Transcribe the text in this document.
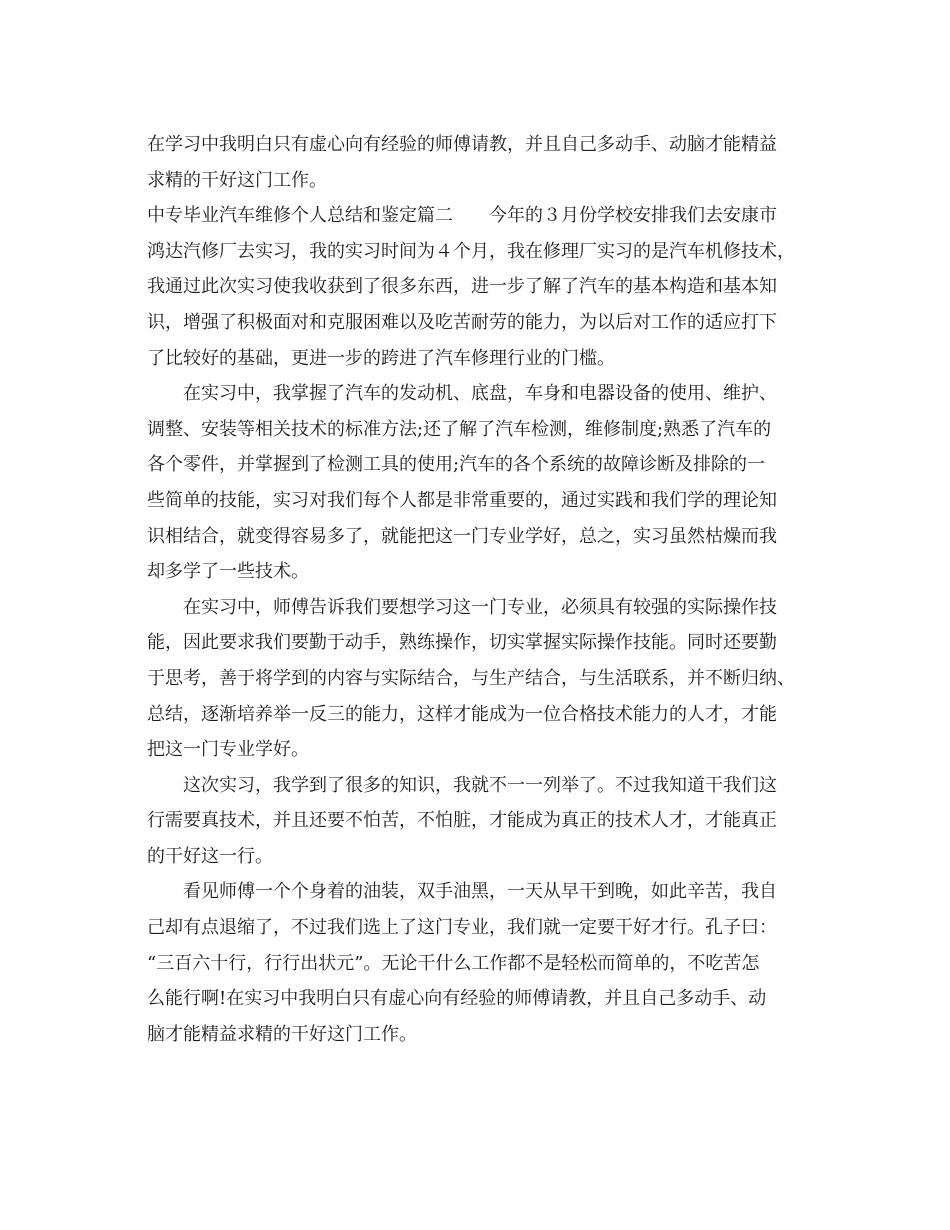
在学习中我明白只有虚心向有经验的师傅请教，并且自己多动手、动脑才能精益
求精的干好这门工作。
中专毕业汽车维修个人总结和鉴定篇二　　今年的３月份学校安排我们去安康市
鸿达汽修厂去实习，我的实习时间为４个月，我在修理厂实习的是汽车机修技术，
我通过此次实习使我收获到了很多东西，进一步了解了汽车的基本构造和基本知
识，增强了积极面对和克服困难以及吃苦耐劳的能力，为以后对工作的适应打下
了比较好的基础，更进一步的跨进了汽车修理行业的门槛。
在实习中，我掌握了汽车的发动机、底盘，车身和电器设备的使用、维护、
调整、安装等相关技术的标准方法;还了解了汽车检测，维修制度;熟悉了汽车的
各个零件，并掌握到了检测工具的使用;汽车的各个系统的故障诊断及排除的一
些简单的技能，实习对我们每个人都是非常重要的，通过实践和我们学的理论知
识相结合，就变得容易多了，就能把这一门专业学好，总之，实习虽然枯燥而我
却多学了一些技术。
在实习中，师傅告诉我们要想学习这一门专业，必须具有较强的实际操作技
能，因此要求我们要勤于动手，熟练操作，切实掌握实际操作技能。同时还要勤
于思考，善于将学到的内容与实际结合，与生产结合，与生活联系，并不断归纳、
总结，逐渐培养举一反三的能力，这样才能成为一位合格技术能力的人才，才能
把这一门专业学好。
这次实习，我学到了很多的知识，我就不一一列举了。不过我知道干我们这
行需要真技术，并且还要不怕苦，不怕脏，才能成为真正的技术人才，才能真正
的干好这一行。
看见师傅一个个身着的油装，双手油黑，一天从早干到晚，如此辛苦，我自
己却有点退缩了，不过我们选上了这门专业，我们就一定要干好才行。孔子曰：
“三百六十行，行行出状元”。无论干什么工作都不是轻松而简单的，不吃苦怎
么能行啊!在实习中我明白只有虚心向有经验的师傅请教，并且自己多动手、动
脑才能精益求精的干好这门工作。
